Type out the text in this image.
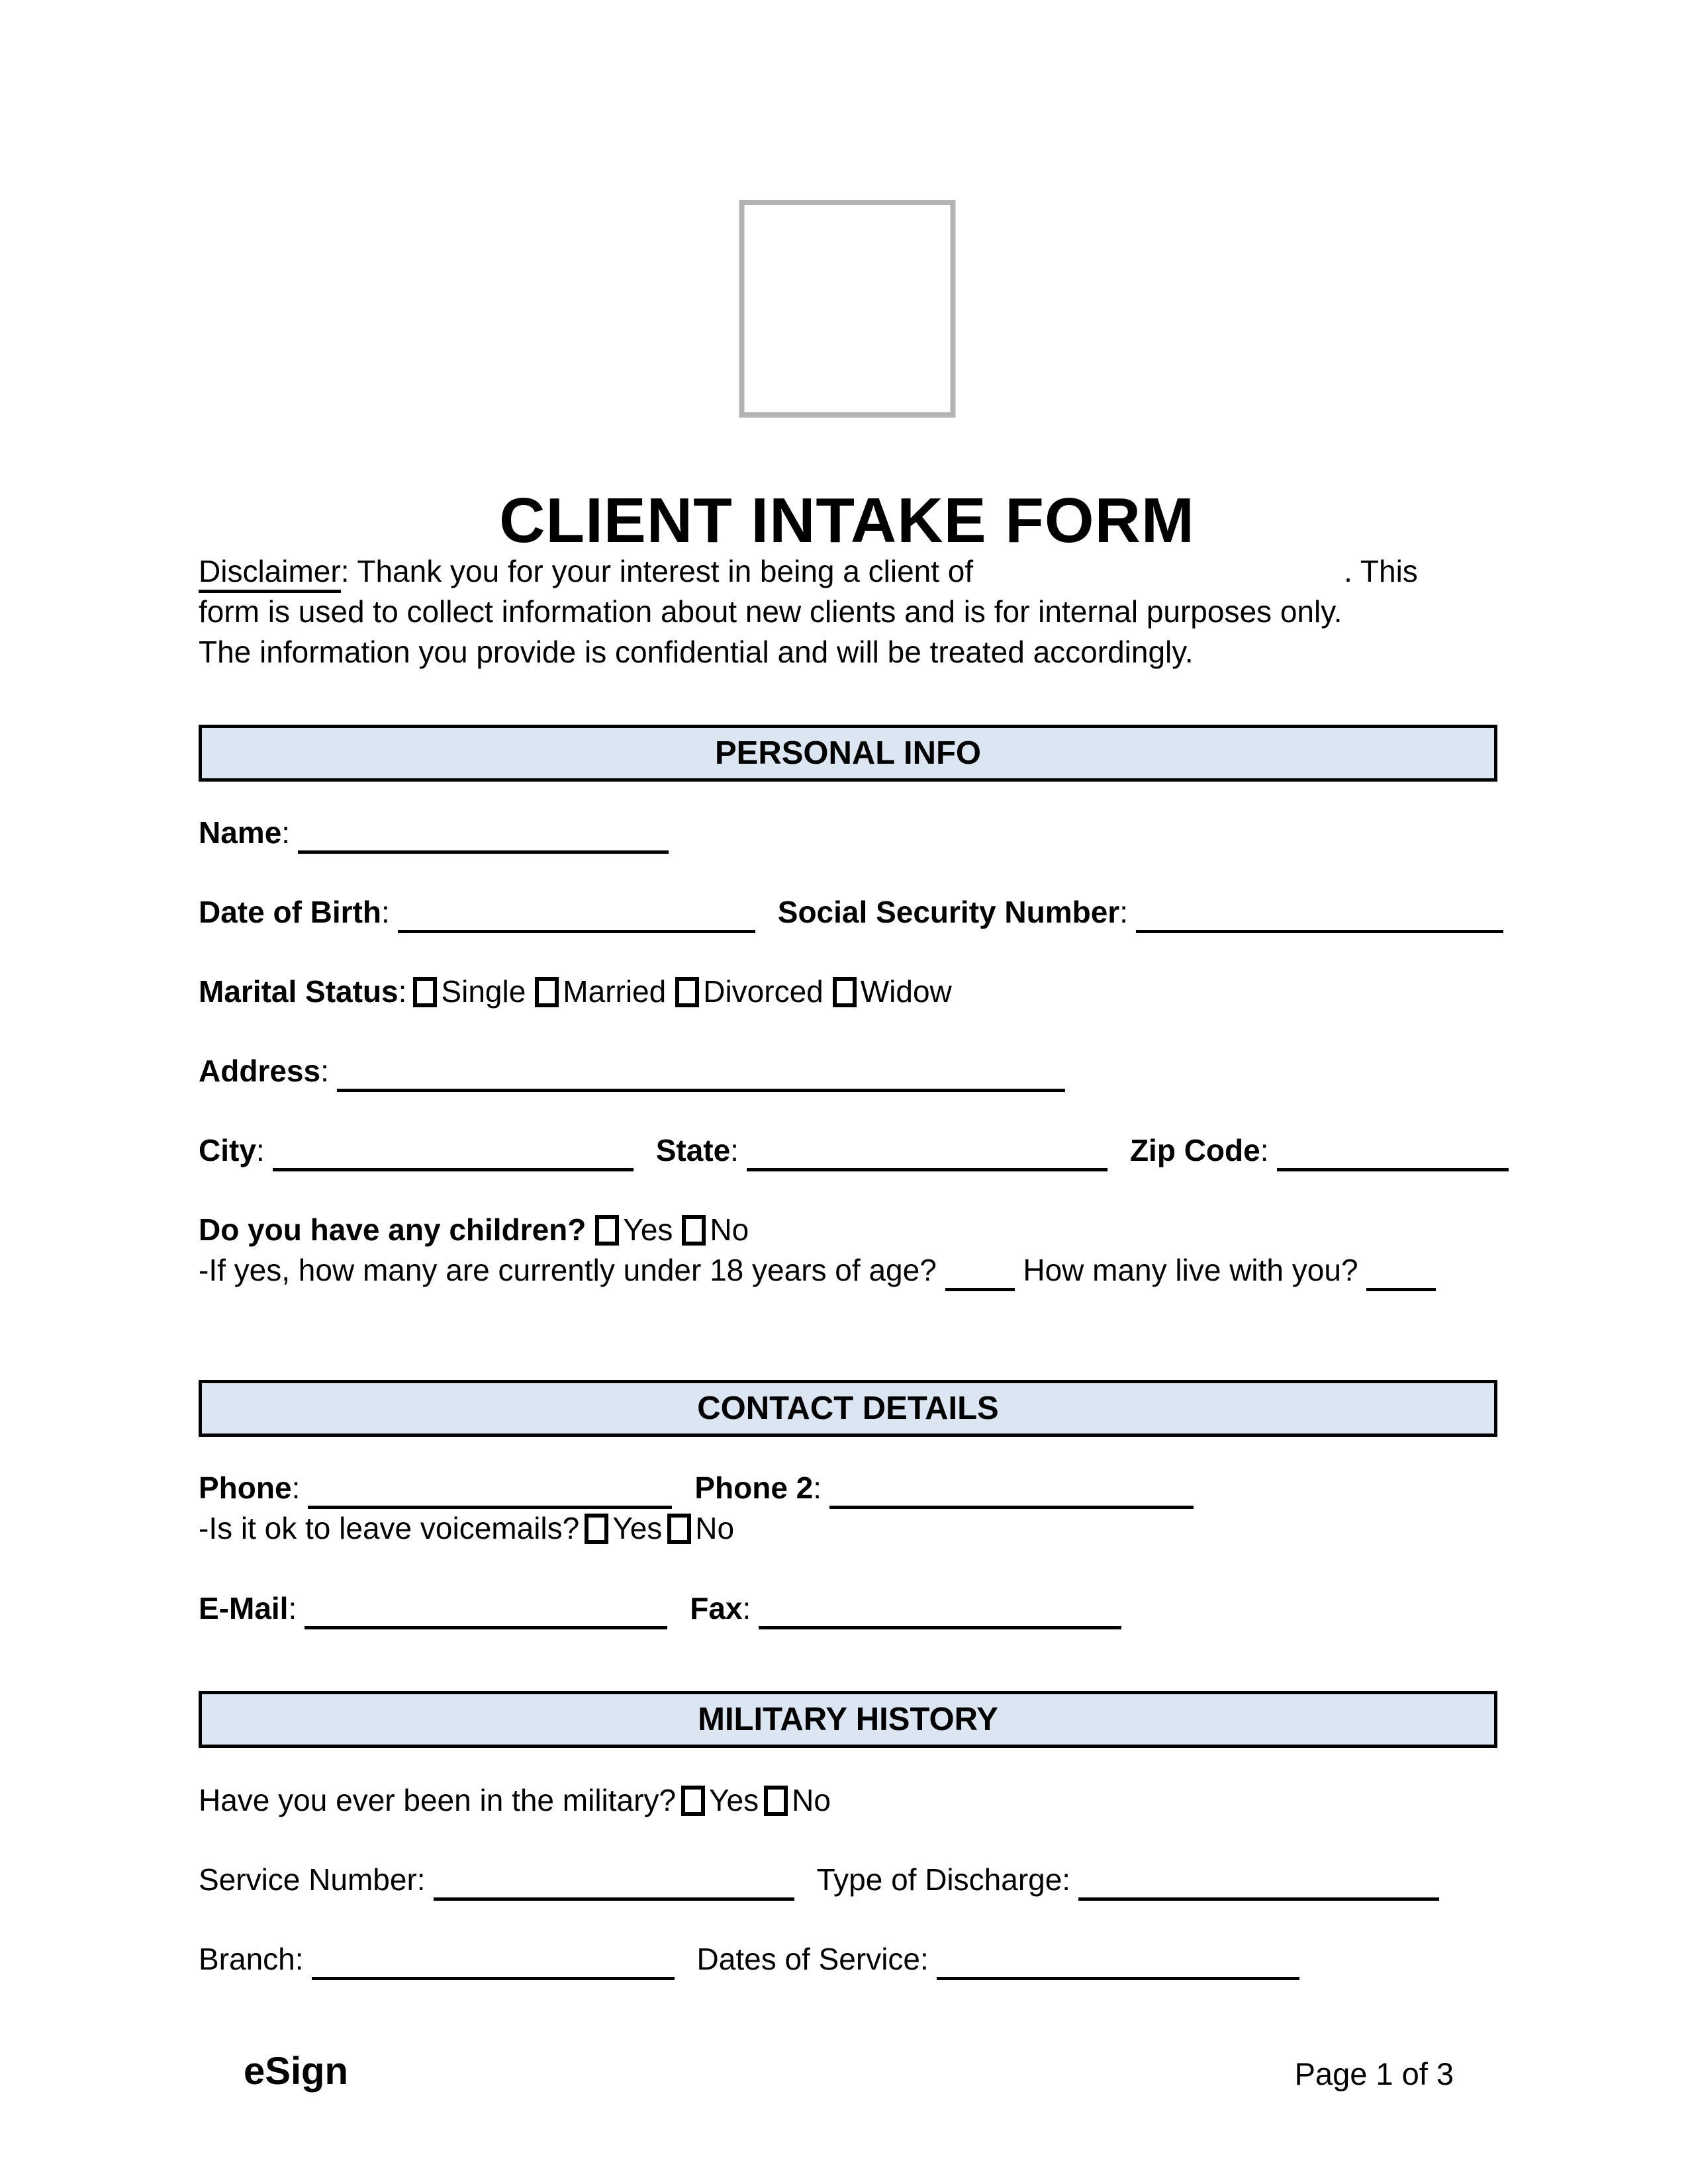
CLIENT INTAKE FORM
Disclaimer: Thank you for your interest in being a client of	. This
form is used to collect information about new clients and is for internal purposes only.
The information you provide is confidential and will be treated accordingly.
PERSONAL INFO
Name:
Date of Birth:	Social Security Number:
Marital Status: Single Married Divorced Widow
Address:
City:	State:	Zip Code:
Do you have any children? Yes No
-If yes, how many are currently under 18 years of age?	How many live with you?
CONTACT DETAILS
Phone:	Phone 2:
-Is it ok to leave voicemails? Yes No
E-Mail:	Fax:
MILITARY HISTORY
Have you ever been in the military? Yes No
Service Number:	Type of Discharge:
Branch:	Dates of Service:
eSign	Page 1 of 3
